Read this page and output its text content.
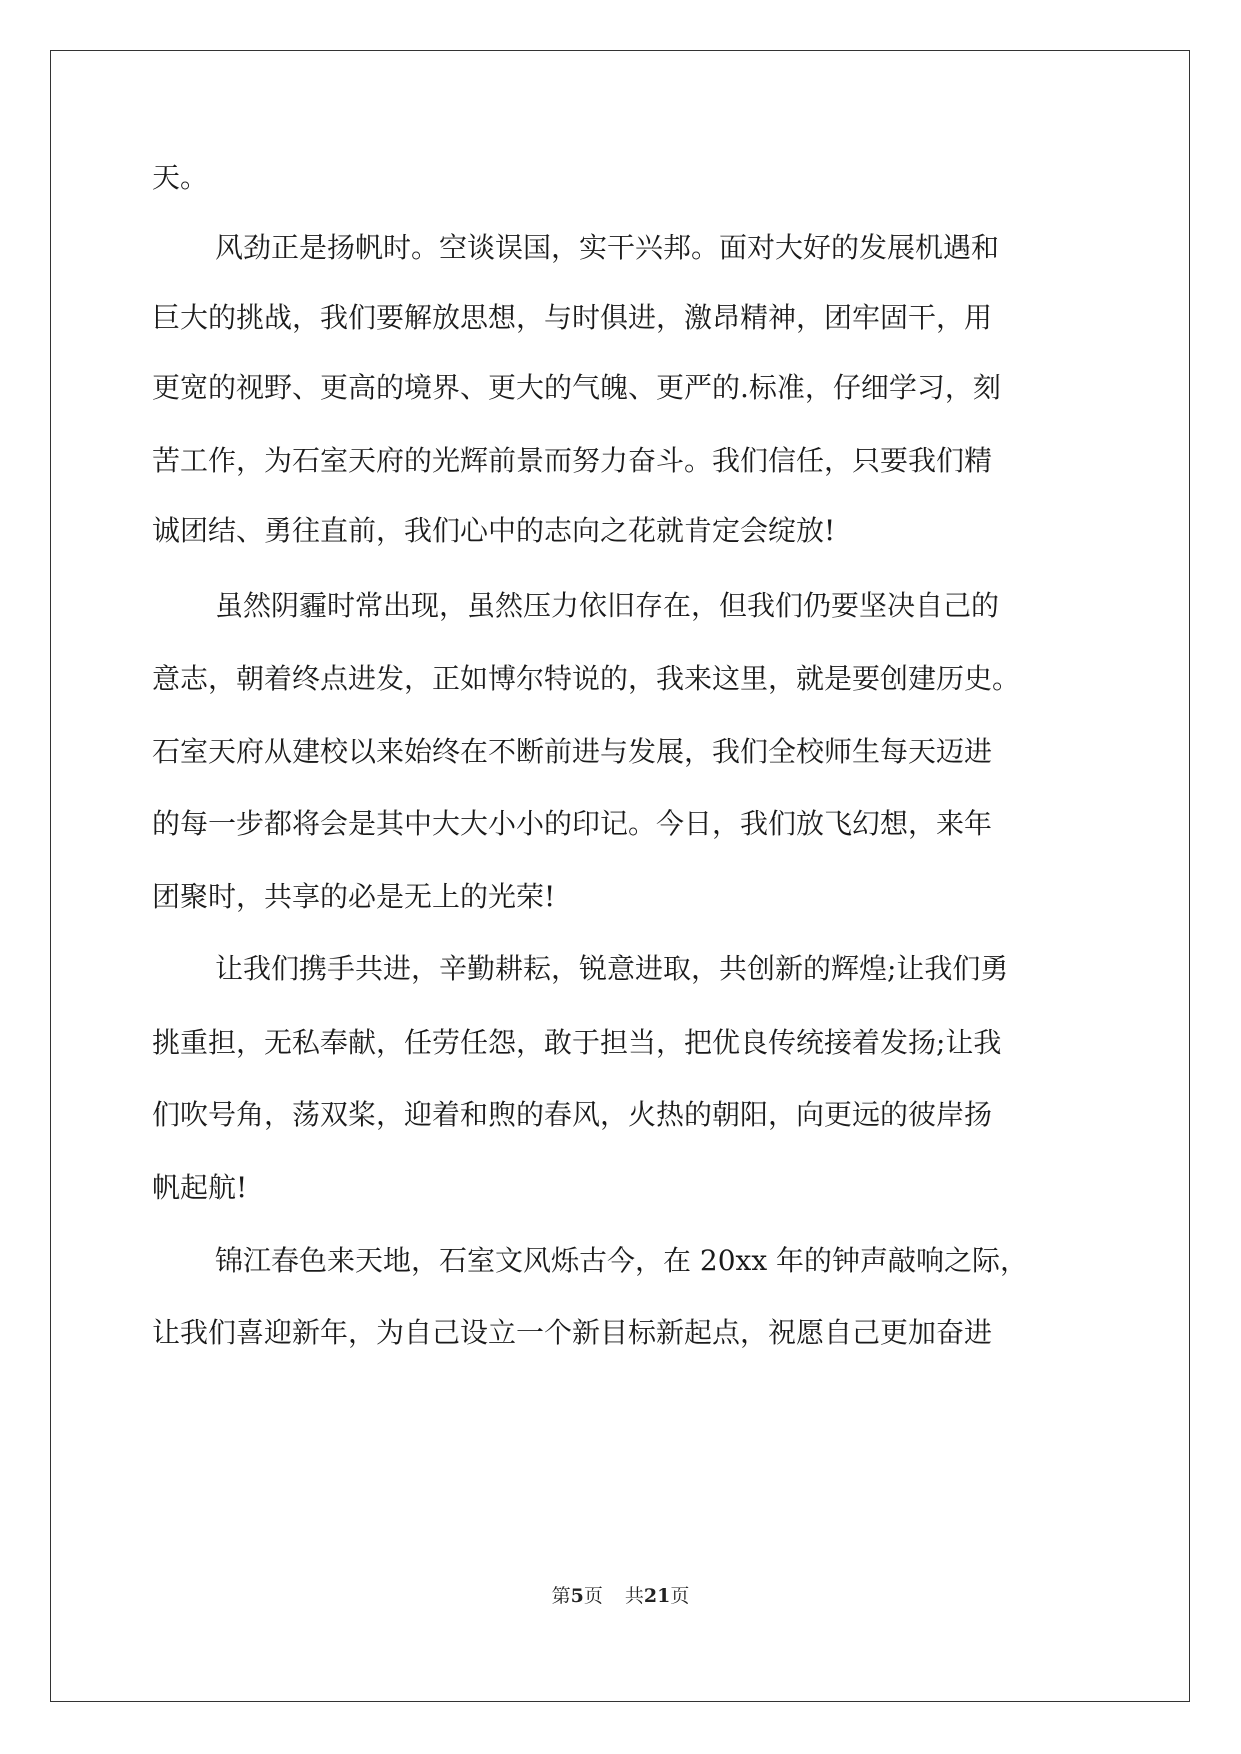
天。
风劲正是扬帆时。空谈误国，实干兴邦。面对大好的发展机遇和
巨大的挑战，我们要解放思想，与时俱进，激昂精神，团牢固干，用
更宽的视野、更高的境界、更大的气魄、更严的.标准，仔细学习，刻
苦工作，为石室天府的光辉前景而努力奋斗。我们信任，只要我们精
诚团结、勇往直前，我们心中的志向之花就肯定会绽放!
虽然阴霾时常出现，虽然压力依旧存在，但我们仍要坚决自己的
意志，朝着终点进发，正如博尔特说的，我来这里，就是要创建历史。
石室天府从建校以来始终在不断前进与发展，我们全校师生每天迈进
的每一步都将会是其中大大小小的印记。今日，我们放飞幻想，来年
团聚时，共享的必是无上的光荣!
让我们携手共进，辛勤耕耘，锐意进取，共创新的辉煌;让我们勇
挑重担，无私奉献，任劳任怨，敢于担当，把优良传统接着发扬;让我
们吹号角，荡双桨，迎着和煦的春风，火热的朝阳，向更远的彼岸扬
帆起航!
锦江春色来天地，石室文风烁古今，在 20xx 年的钟声敲响之际，
让我们喜迎新年，为自己设立一个新目标新起点，祝愿自己更加奋进
第5页 共21页
